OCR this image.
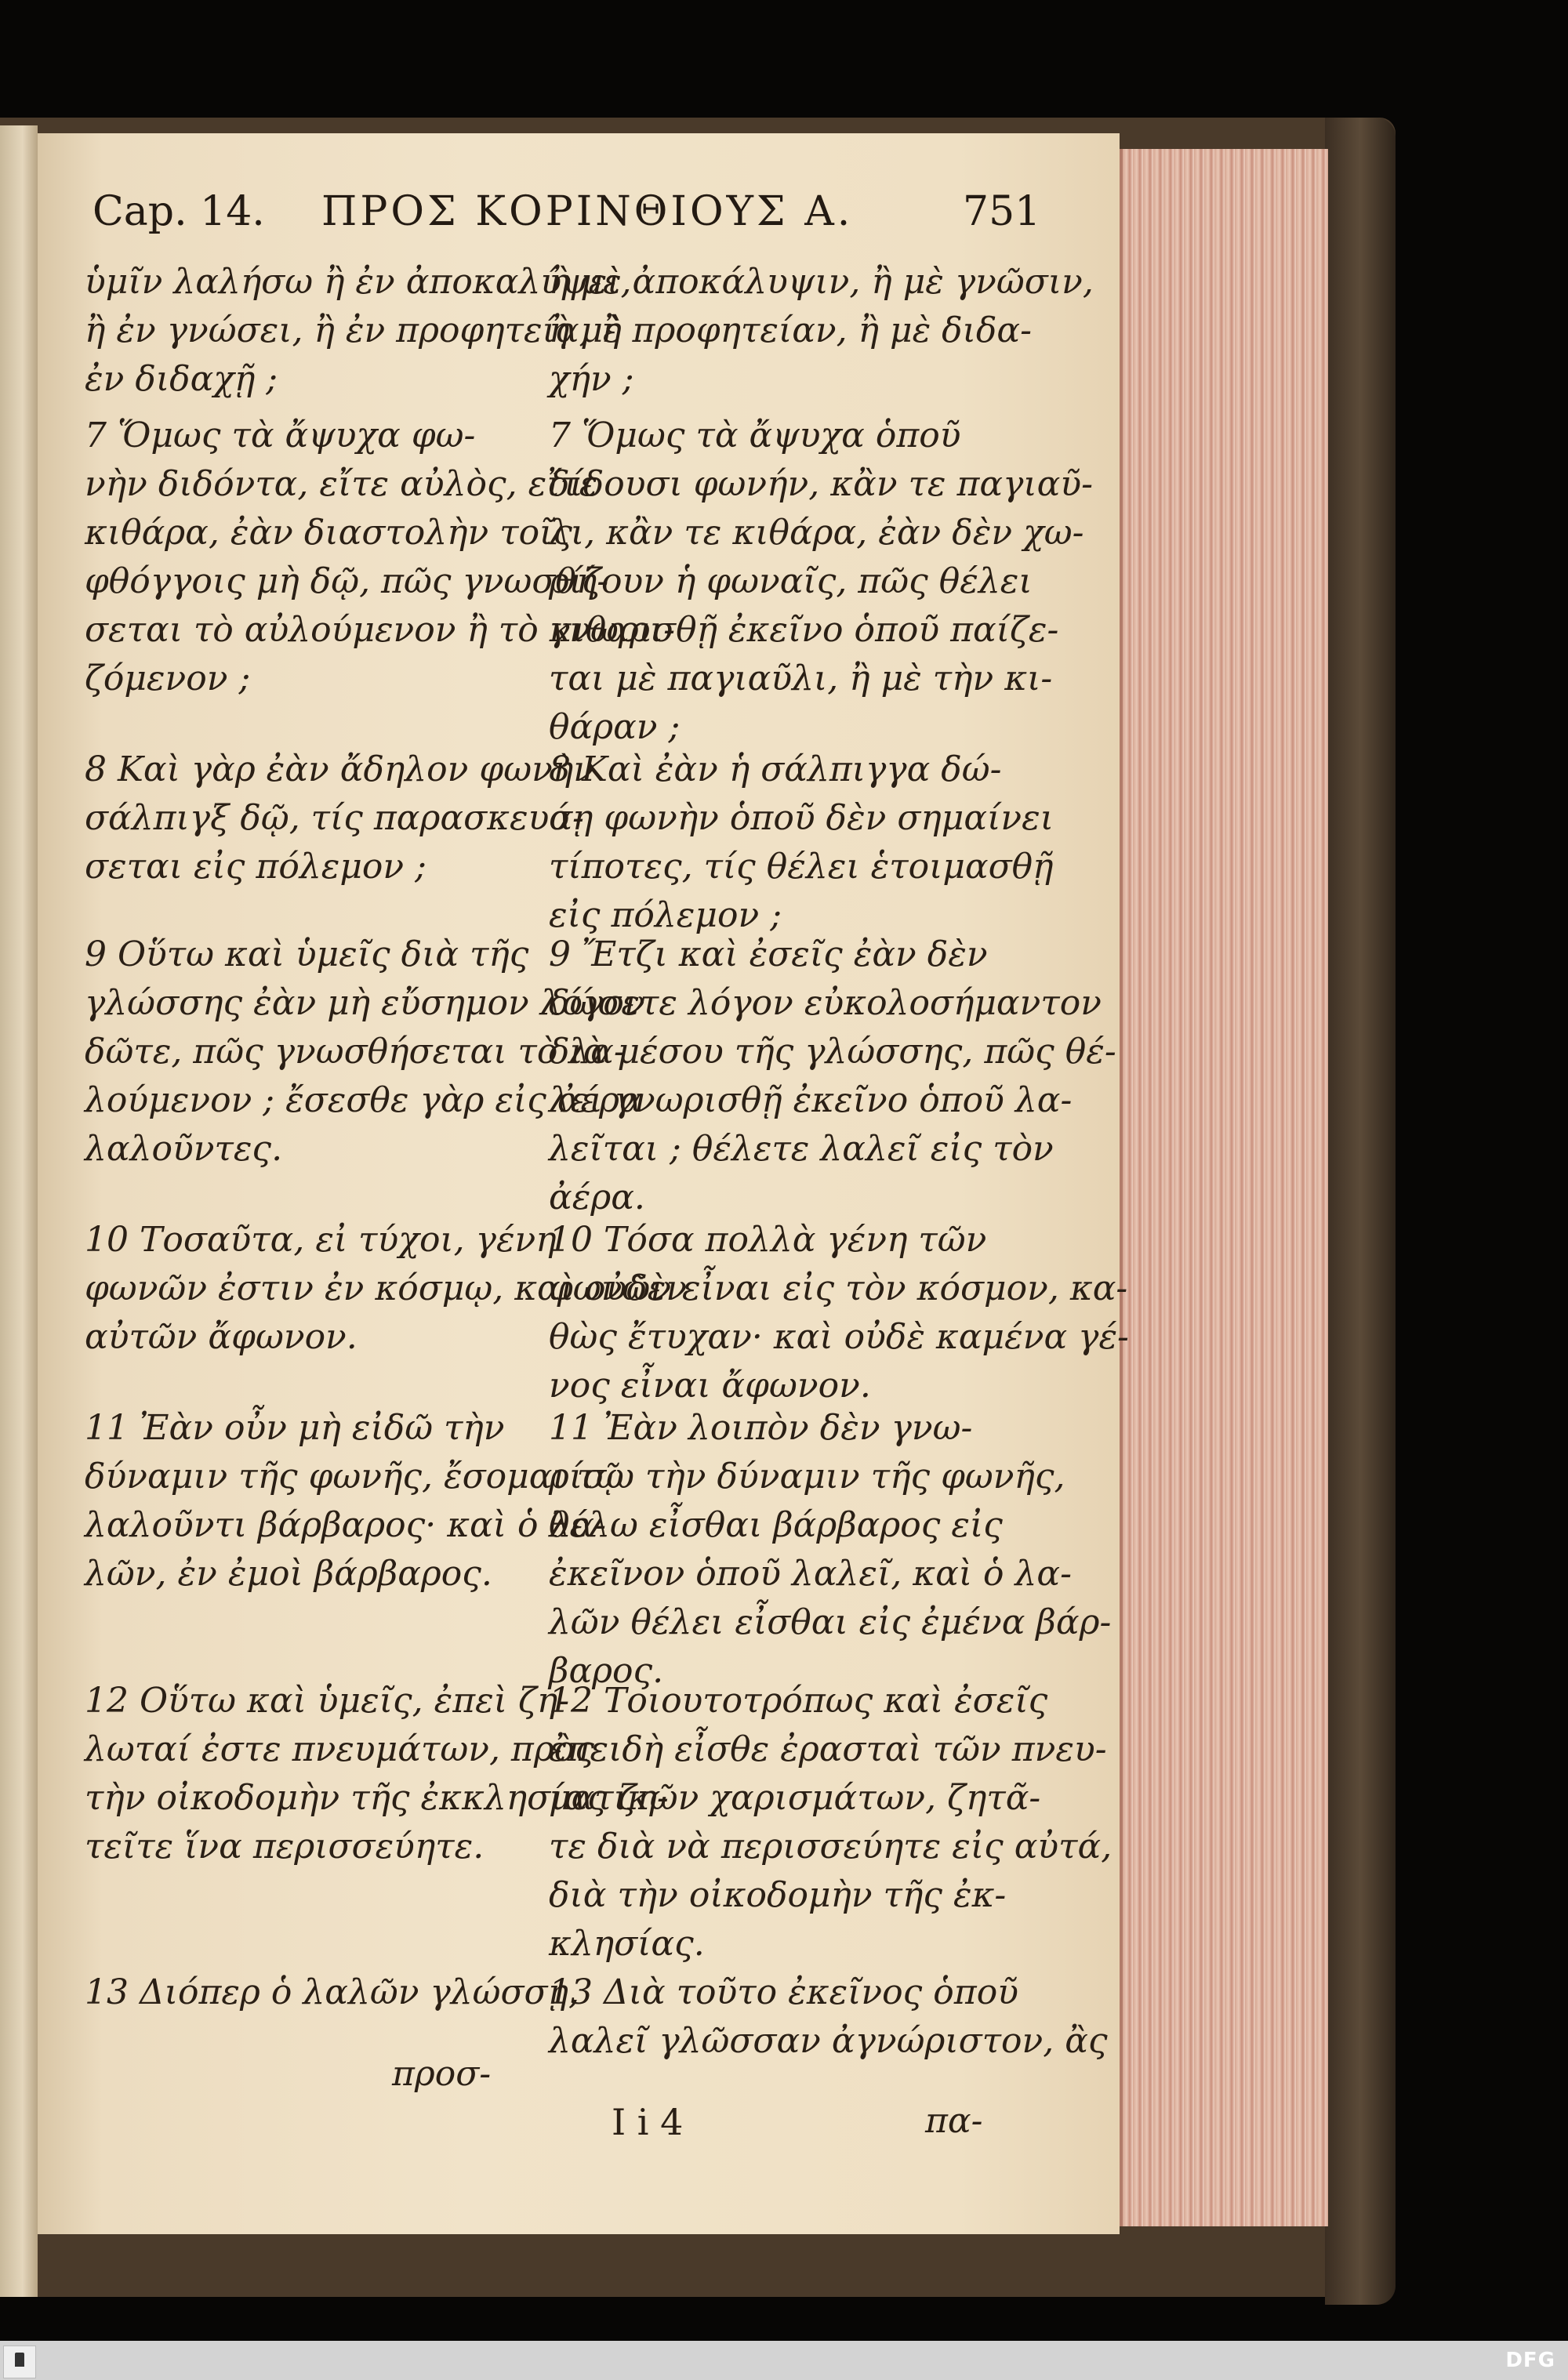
Cap. 14. ΠΡΟΣ ΚΟΡΙΝΘΙΟΥΣ Α.	751
ὑμῖν λαλήσω ἢ ἐν ἀποκαλύψει,
ἢ ἐν γνώσει, ἢ ἐν προφητείᾳ, ἢ
ἐν διδαχῇ ;
7 Ὅμως τὰ ἄψυχα φω-
νὴν διδόντα, εἴτε αὐλὸς, εἴτε
κιθάρα, ἐὰν διαστολὴν τοῖς
φθόγγοις μὴ δῷ, πῶς γνωσθή-
σεται τὸ αὐλούμενον ἢ τὸ κιθαρι-
ζόμενον ;
8 Καὶ γὰρ ἐὰν ἄδηλον φωνὴν
σάλπιγξ δῷ, τίς παρασκευά-
σεται εἰς πόλεμον ;
9 Οὕτω καὶ ὑμεῖς διὰ τῆς
γλώσσης ἐὰν μὴ εὔσημον λόγον
δῶτε, πῶς γνωσθήσεται τὸ λα-
λούμενον ; ἔσεσθε γὰρ εἰς ἀέρα
λαλοῦντες.
10 Τοσαῦτα, εἰ τύχοι, γένη
φωνῶν ἐστιν ἐν κόσμῳ, καὶ οὐδὲν
αὐτῶν ἄφωνον.
11 Ἐὰν οὖν μὴ εἰδῶ τὴν
δύναμιν τῆς φωνῆς, ἔσομαι τῷ
λαλοῦντι βάρβαρος· καὶ ὁ λα-
λῶν, ἐν ἐμοὶ βάρβαρος.
12 Οὕτω καὶ ὑμεῖς, ἐπεὶ ζη-
λωταί ἐστε πνευμάτων, πρὸς
τὴν οἰκοδομὴν τῆς ἐκκλησίας ζη-
τεῖτε ἵνα περισσεύητε.
13 Διόπερ ὁ λαλῶν γλώσσῃ,
ἢ μὲ ἀποκάλυψιν, ἢ μὲ γνῶσιν,
ἢ μὲ προφητείαν, ἢ μὲ διδα-
χήν ;
7 Ὅμως τὰ ἄψυχα ὁποῦ
δίδουσι φωνήν, κἂν τε παγιαῦ-
λι, κἂν τε κιθάρα, ἐὰν δὲν χω-
ρίζουν ἡ φωναῖς, πῶς θέλει
γνωρισθῇ ἐκεῖνο ὁποῦ παίζε-
ται μὲ παγιαῦλι, ἢ μὲ τὴν κι-
θάραν ;
8 Καὶ ἐὰν ἡ σάλπιγγα δώ-
σῃ φωνὴν ὁποῦ δὲν σημαίνει
τίποτες, τίς θέλει ἑτοιμασθῇ
εἰς πόλεμον ;
9 Ἔτζι καὶ ἐσεῖς ἐὰν δὲν
δώσετε λόγον εὐκολοσήμαντον
διὰ μέσου τῆς γλώσσης, πῶς θέ-
λει γνωρισθῇ ἐκεῖνο ὁποῦ λα-
λεῖται ; θέλετε λαλεῖ εἰς τὸν
ἀέρα.
10 Τόσα πολλὰ γένη τῶν
φωνῶν εἶναι εἰς τὸν κόσμον, κα-
θὼς ἔτυχαν· καὶ οὐδὲ καμένα γέ-
νος εἶναι ἄφωνον.
11 Ἐὰν λοιπὸν δὲν γνω-
ρίσω τὴν δύναμιν τῆς φωνῆς,
θέλω εἶσθαι βάρβαρος εἰς
ἐκεῖνον ὁποῦ λαλεῖ, καὶ ὁ λα-
λῶν θέλει εἶσθαι εἰς ἐμένα βάρ-
βαρος.
12 Τοιουτοτρόπως καὶ ἐσεῖς
ἐπειδὴ εἶσθε ἐρασταὶ τῶν πνευ-
ματικῶν χαρισμάτων, ζητᾶ-
τε διὰ νὰ περισσεύητε εἰς αὐτά,
διὰ τὴν οἰκοδομὴν τῆς ἐκ-
κλησίας.
13 Διὰ τοῦτο ἐκεῖνος ὁποῦ
λαλεῖ γλῶσσαν ἀγνώριστον, ἂς
προσ-
I i 4	πα-
DFG
